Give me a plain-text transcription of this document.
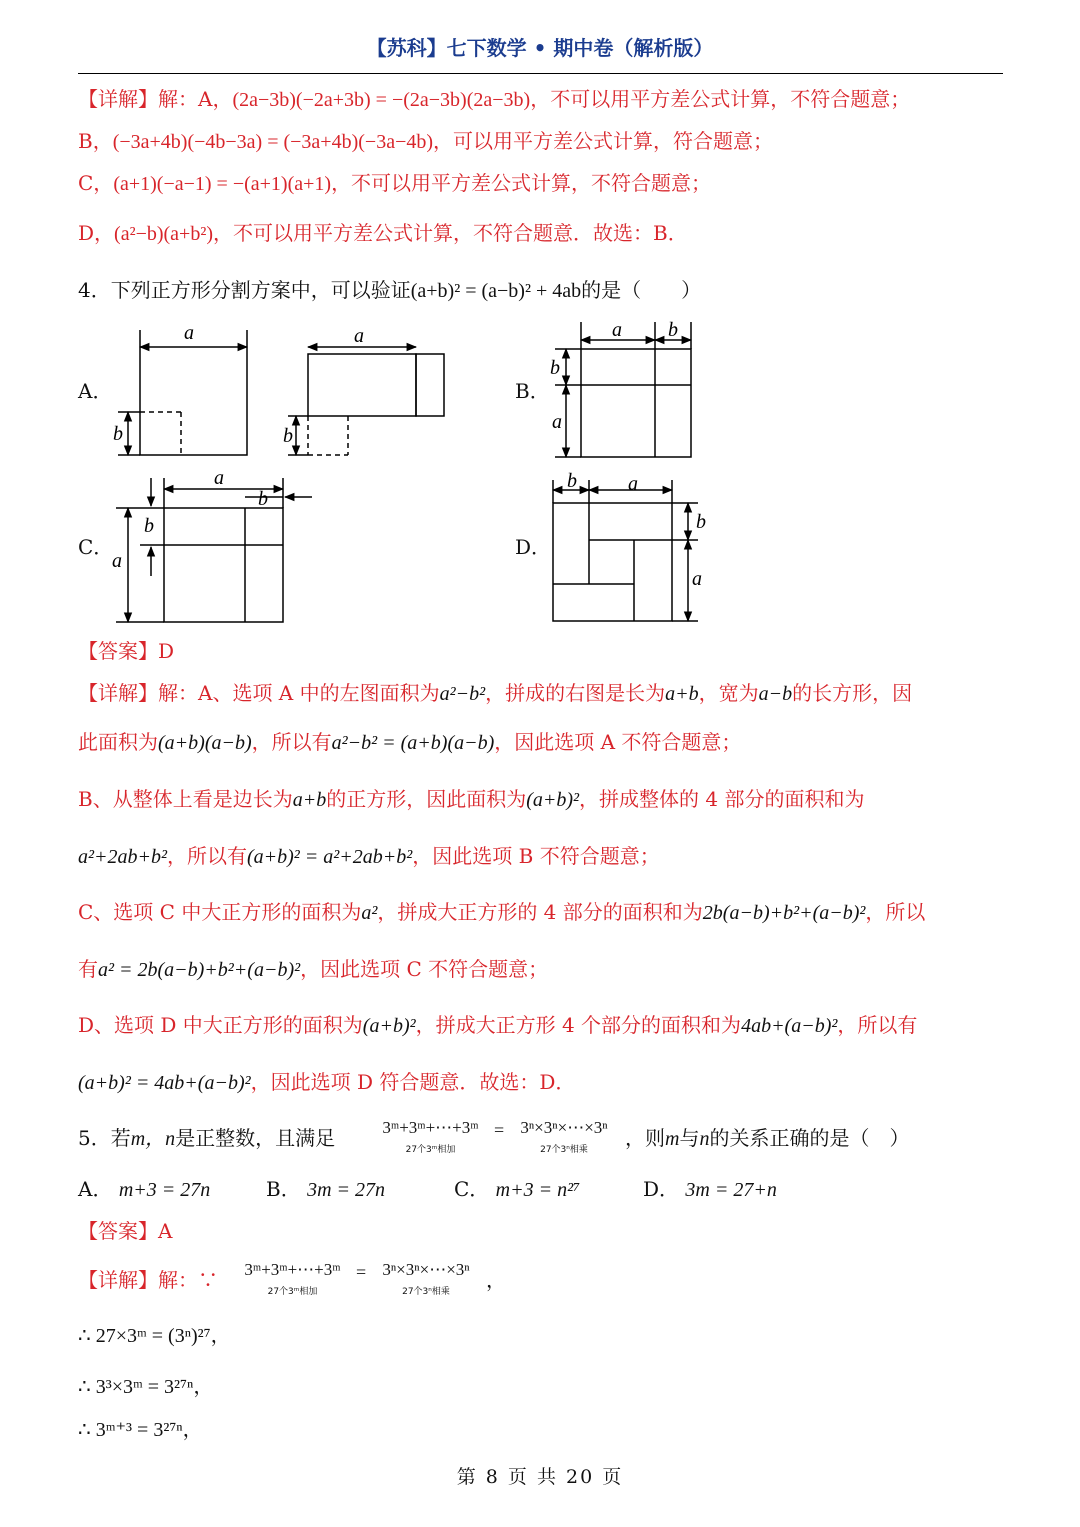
【苏科】七下数学 • 期中卷（解析版）
【详解】解：A，(2a−3b)(−2a+3b) = −(2a−3b)(2a−3b)，不可以用平方差公式计算，不符合题意；
B，(−3a+4b)(−4b−3a) = (−3a+4b)(−3a−4b)，可以用平方差公式计算，符合题意；
C，(a+1)(−a−1) = −(a+1)(a+1)，不可以用平方差公式计算，不符合题意；
D，(a²−b)(a+b²)，不可以用平方差公式计算，不符合题意．故选：B．
4．下列正方形分割方案中，可以验证(a+b)² = (a−b)² + 4ab的是（　　）
a
b
a
b
a b
b
a
a
b
b
a
b	a
b
a
A．	B．
C．	D．
【答案】D
【详解】解：A、选项 A 中的左图面积为a²−b²，拼成的右图是长为a+b，宽为a−b的长方形，因
此面积为(a+b)(a−b)，所以有a²−b² = (a+b)(a−b)，因此选项 A 不符合题意；
B、从整体上看是边长为a+b的正方形，因此面积为(a+b)²，拼成整体的 4 部分的面积和为
a²+2ab+b²，所以有(a+b)² = a²+2ab+b²，因此选项 B 不符合题意；
C、选项 C 中大正方形的面积为a²，拼成大正方形的 4 部分的面积和为2b(a−b)+b²+(a−b)²，所以
有a² = 2b(a−b)+b²+(a−b)²，因此选项 C 不符合题意；
D、选项 D 中大正方形的面积为(a+b)²，拼成大正方形 4 个部分的面积和为4ab+(a−b)²，所以有
(a+b)² = 4ab+(a−b)²，因此选项 D 符合题意．故选：D．
5．若m，n是正整数，且满足	3ᵐ+3ᵐ+⋯+3ᵐ
27个3ᵐ相加
= 3ⁿ×3ⁿ×⋯×3ⁿ
27个3ⁿ相乘	，则m与n的关系正确的是（　）
A． m+3 = 27n	B． 3m = 27n	C． m+3 = n²⁷	D． 3m = 27+n
【答案】A
【详解】解：∵	3ᵐ+3ᵐ+⋯+3ᵐ
27个3ᵐ相加
= 3ⁿ×3ⁿ×⋯×3ⁿ
27个3ⁿ相乘	，
∴ 27×3ᵐ = (3ⁿ)²⁷，
∴ 3³×3ᵐ = 3²⁷ⁿ，
∴ 3ᵐ⁺³ = 3²⁷ⁿ，
第 8 页 共 20 页
